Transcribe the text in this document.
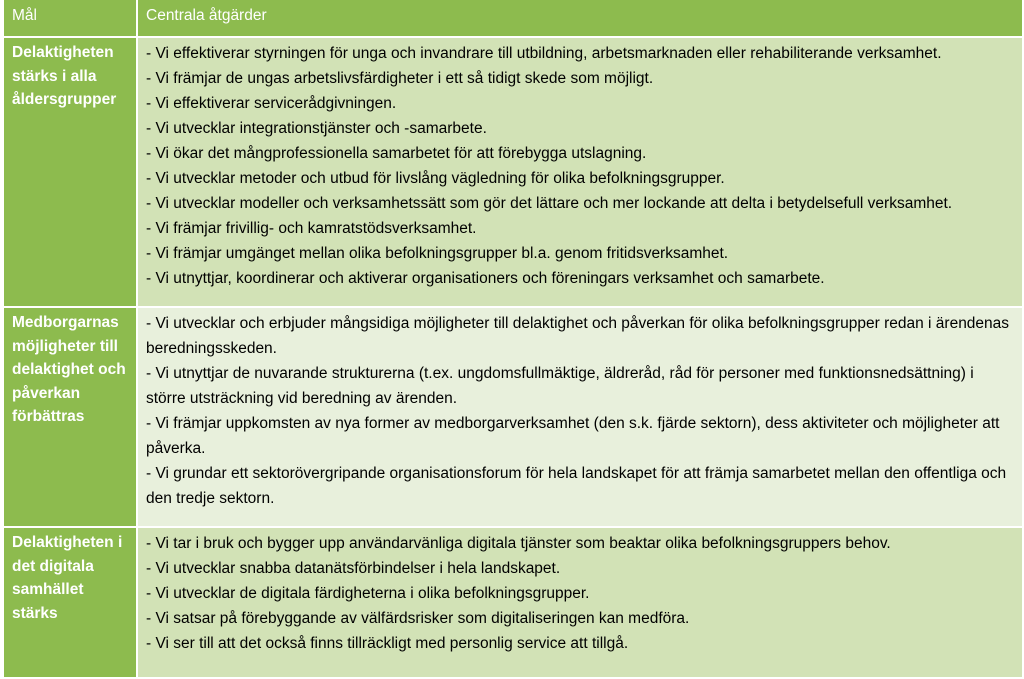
Mål	Centrala åtgärder
Delaktigheten stärks i alla åldersgrupper
- Vi effektiverar styrningen för unga och invandrare till utbildning, arbetsmarknaden eller rehabiliterande verksamhet.
- Vi främjar de ungas arbetslivsfärdigheter i ett så tidigt skede som möjligt.
- Vi effektiverar servicerådgivningen.
- Vi utvecklar integrationstjänster och -samarbete.
- Vi ökar det mångprofessionella samarbetet för att förebygga utslagning.
- Vi utvecklar metoder och utbud för livslång vägledning för olika befolkningsgrupper.
- Vi utvecklar modeller och verksamhetssätt som gör det lättare och mer lockande att delta i betydelsefull verksamhet.
- Vi främjar frivillig- och kamratstödsverksamhet.
- Vi främjar umgänget mellan olika befolkningsgrupper bl.a. genom fritidsverksamhet.
- Vi utnyttjar, koordinerar och aktiverar organisationers och föreningars verksamhet och samarbete.
Medborgarnas möjligheter till delaktighet och påverkan förbättras
- Vi utvecklar och erbjuder mångsidiga möjligheter till delaktighet och påverkan för olika befolkningsgrupper redan i ärendenas beredningsskeden.
- Vi utnyttjar de nuvarande strukturerna (t.ex. ungdomsfullmäktige, äldreråd, råd för personer med funktionsnedsättning) i större utsträckning vid beredning av ärenden.
- Vi främjar uppkomsten av nya former av medborgarverksamhet (den s.k. fjärde sektorn), dess aktiviteter och möjligheter att påverka.
- Vi grundar ett sektorövergripande organisationsforum för hela landskapet för att främja samarbetet mellan den offentliga och den tredje sektorn.
Delaktigheten i det digitala samhället stärks
- Vi tar i bruk och bygger upp användarvänliga digitala tjänster som beaktar olika befolkningsgruppers behov.
- Vi utvecklar snabba datanätsförbindelser i hela landskapet.
- Vi utvecklar de digitala färdigheterna i olika befolkningsgrupper.
- Vi satsar på förebyggande av välfärdsrisker som digitaliseringen kan medföra.
- Vi ser till att det också finns tillräckligt med personlig service att tillgå.
